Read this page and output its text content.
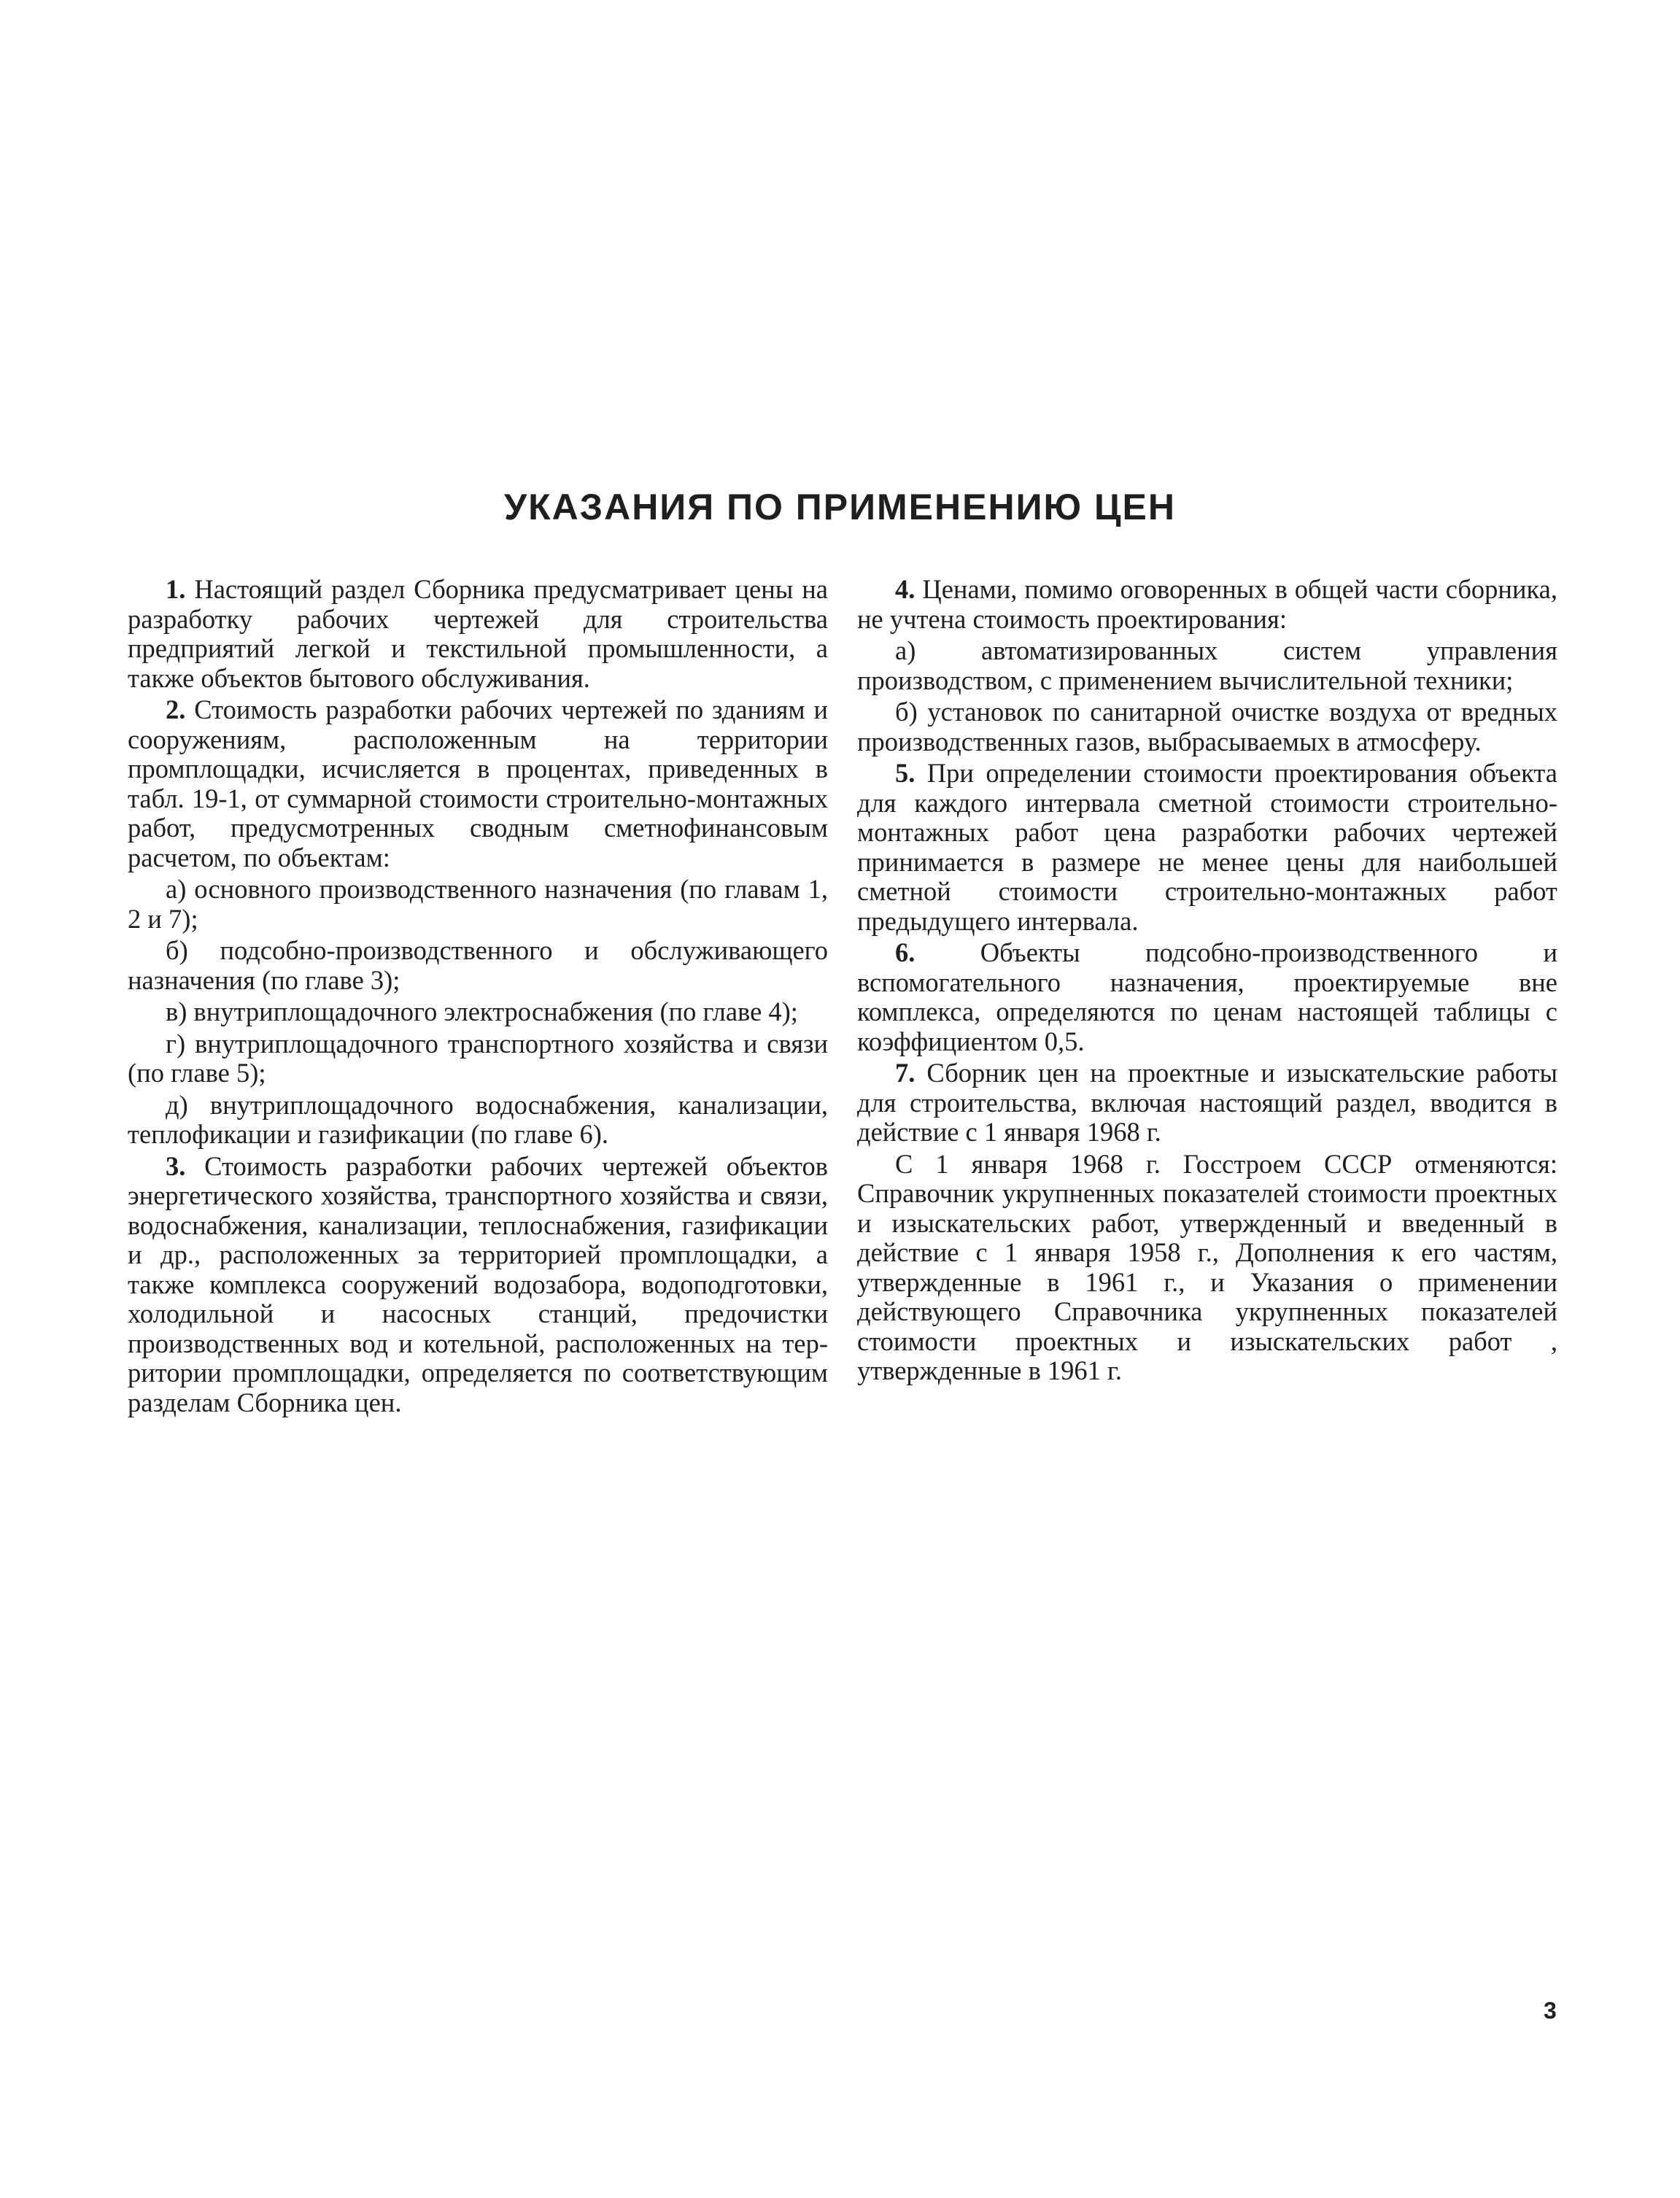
УКАЗАНИЯ ПО ПРИМЕНЕНИЮ ЦЕН

1. Настоящий раздел Сборника предусматривает цены на разработку рабочих чертежей для строительства предприятий легкой и текстильной промышленности, а также объектов бытового обслуживания.

2. Стоимость разработки рабочих чертежей по зданиям и сооружениям, расположенным на территории промплощадки, исчисляется в процентах, приведенных в табл. 19-1, от суммарной стоимости строительно-монтажных работ, предусмотренных сводным сметнофинансовым расчетом, по объектам:

а) основного производственного назначения (по главам 1, 2 и 7);

б) подсобно-производственного и обслуживающего назначения (по главе 3);

в) внутриплощадочного электроснабжения (по главе 4);

г) внутриплощадочного транспортного хозяйства и связи (по главе 5);

д) внутриплощадочного водоснабжения, канализации, теплофикации и газификации (по главе 6).

3. Стоимость разработки рабочих чертежей объектов энергетического хозяйства, транспортного хозяйства и связи, водоснабжения, канализации, теплоснабжения, газификации и др., расположенных за территорией промплощадки, а также комплекса сооружений водозабора, водоподготовки, холодильной и насосных станций, предочистки производственных вод и котельной, расположенных на территории промплощадки, определяется по соответствующим разделам Сборника цен.

4. Ценами, помимо оговоренных в общей части сборника, не учтена стоимость проектирования:

а) автоматизированных систем управления производством, с применением вычислительной техники;

б) установок по санитарной очистке воздуха от вредных производственных газов, выбрасываемых в атмосферу.

5. При определении стоимости проектирования объекта для каждого интервала сметной стоимости строительно-монтажных работ цена разработки рабочих чертежей принимается в размере не менее цены для наибольшей сметной стоимости строительно-монтажных работ предыдущего интервала.

6. Объекты подсобно-производственного и вспомогательного назначения, проектируемые вне комплекса, определяются по ценам настоящей таблицы с коэффициентом 0,5.

7. Сборник цен на проектные и изыскательские работы для строительства, включая настоящий раздел, вводится в действие с 1 января 1968 г.

С 1 января 1968 г. Госстроем СССР отменяются: Справочник укрупненных показателей стоимости проектных и изыскательских работ, утвержденный и введенный в действие с 1 января 1958 г., Дополнения к его частям, утвержденные в 1961 г., и Указания о применении действующего Справочника укрупненных показателей стоимости проектных и изыскательских работ , утвержденные в 1961 г.

3
